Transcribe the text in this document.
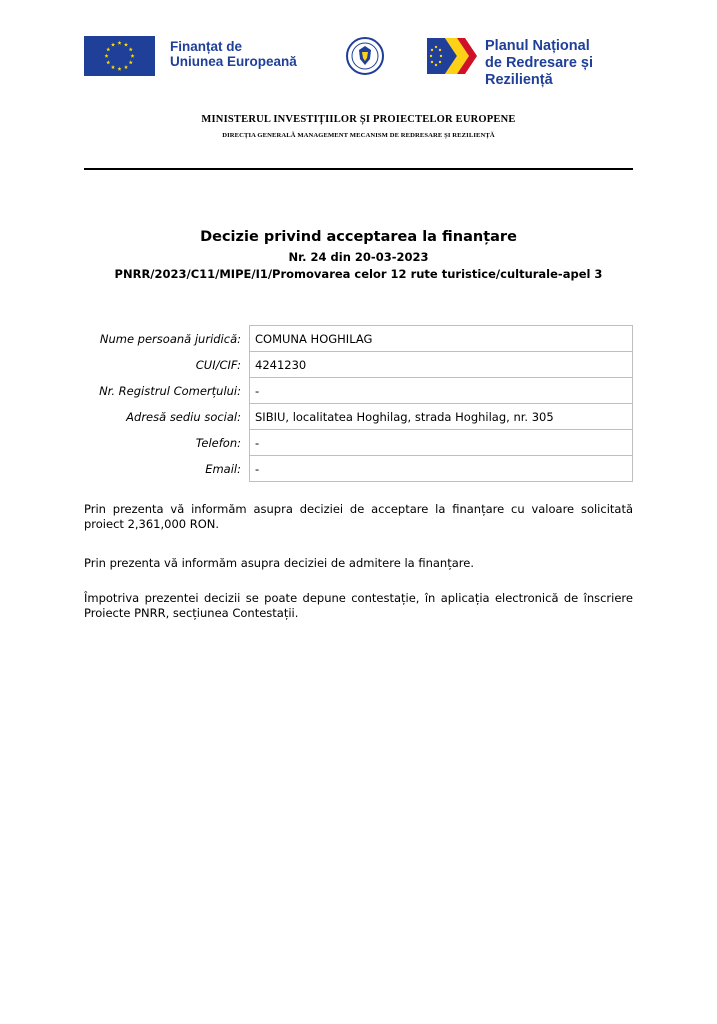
Finanțat de
Uniunea Europeană
Planul Național
de Redresare și Reziliență
MINISTERUL INVESTIȚIILOR ȘI PROIECTELOR EUROPENE
DIRECȚIA GENERALĂ MANAGEMENT MECANISM DE REDRESARE ȘI REZILIENȚĂ
Decizie privind acceptarea la finanțare
Nr. 24 din 20-03-2023
PNRR/2023/C11/MIPE/I1/Promovarea celor 12 rute turistice/culturale-apel 3
Nume persoană juridică:	COMUNA HOGHILAG
CUI/CIF:	4241230
Nr. Registrul Comerțului:	-
Adresă sediu social:	SIBIU, localitatea Hoghilag, strada Hoghilag, nr. 305
Telefon:	-
Email:	-
Prin prezenta vă informăm asupra deciziei de acceptare la finanțare cu valoare solicitată proiect 2,361,000 RON.
Prin prezenta vă informăm asupra deciziei de admitere la finanțare.
Împotriva prezentei decizii se poate depune contestație, în aplicația electronică de înscriere Proiecte PNRR, secțiunea Contestații.
